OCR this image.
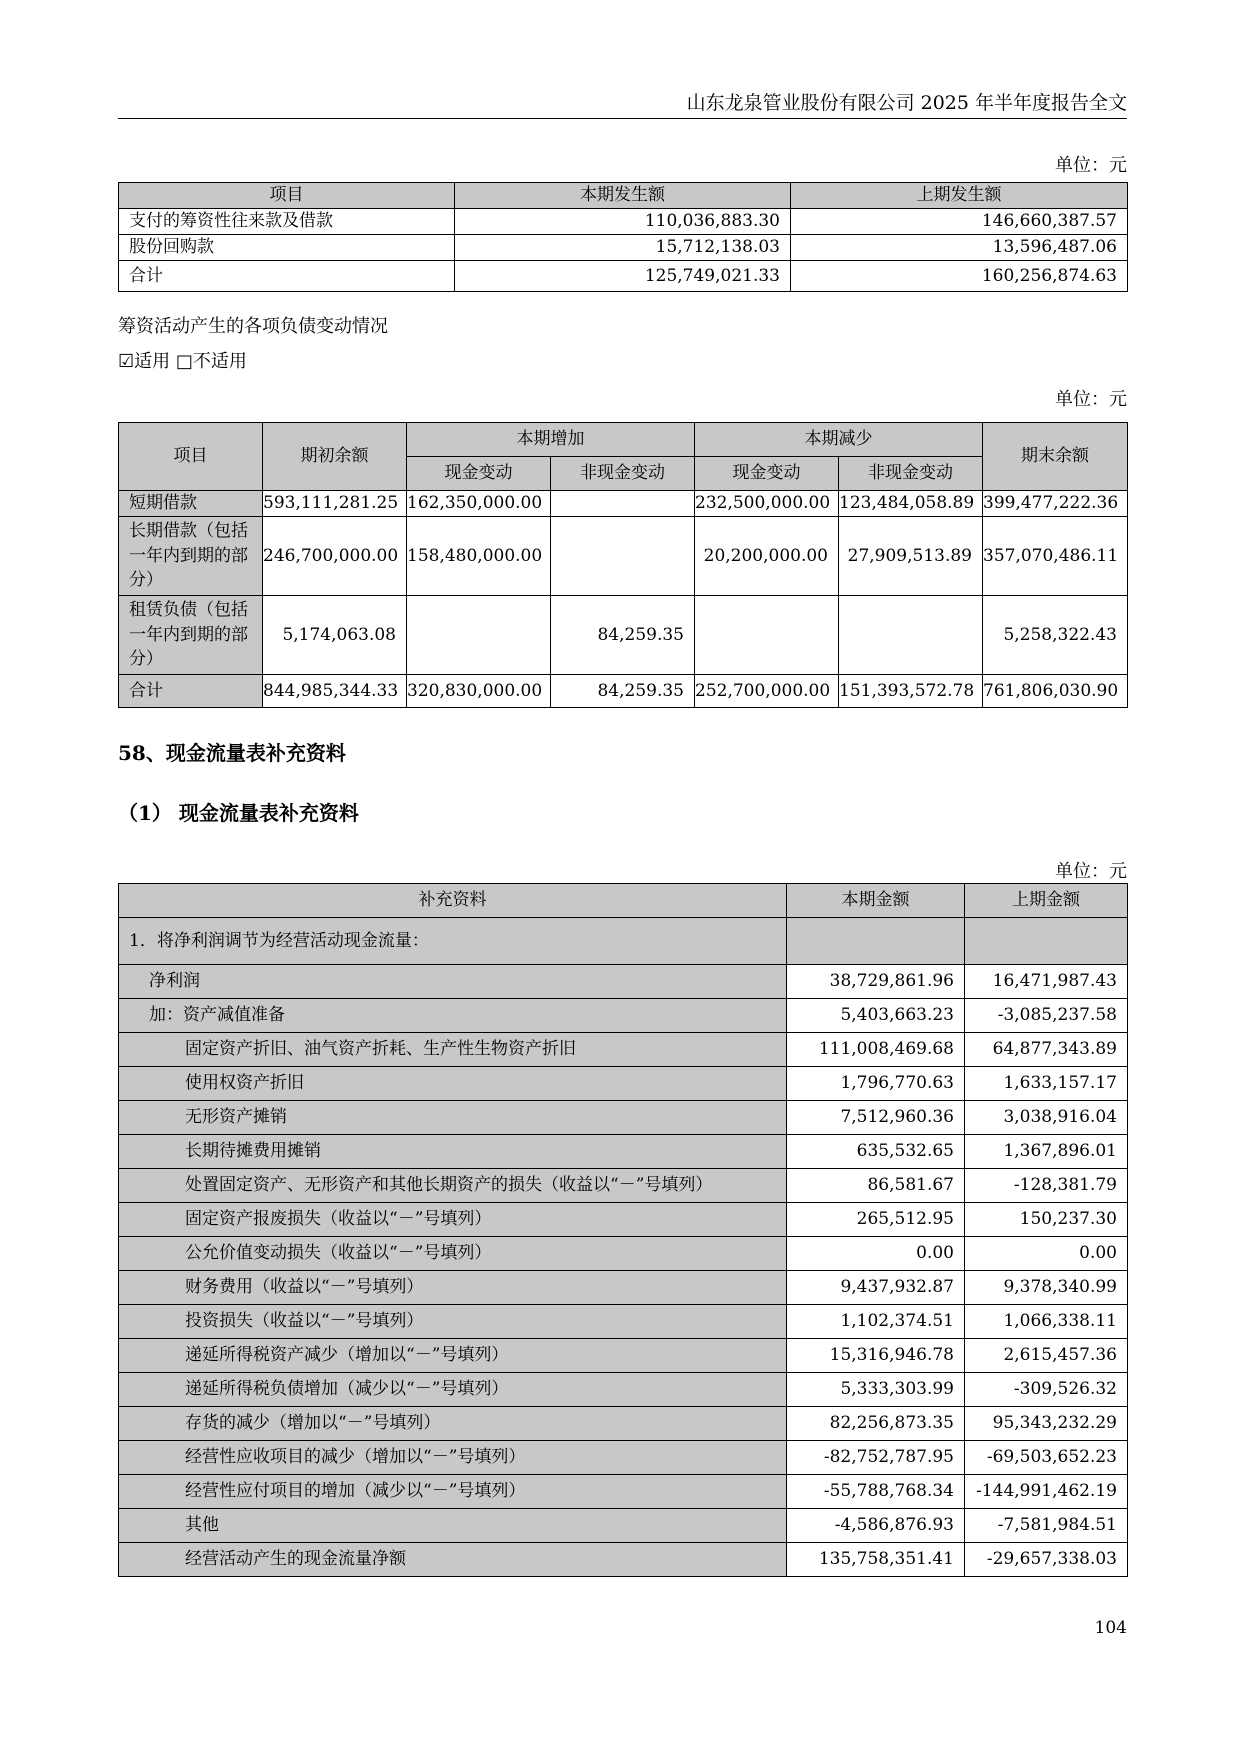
山东龙泉管业股份有限公司 2025 年半年度报告全文
单位：元
项目	本期发生额	上期发生额
支付的筹资性往来款及借款	110,036,883.30	146,660,387.57
股份回购款	15,712,138.03	13,596,487.06
合计	125,749,021.33	160,256,874.63
筹资活动产生的各项负债变动情况
☑适用 □不适用
单位：元
项目	期初余额	本期增加		本期减少		期末余额
		现金变动	非现金变动	现金变动	非现金变动	
短期借款	593,111,281.25	162,350,000.00		232,500,000.00	123,484,058.89	399,477,222.36
长期借款（包括一年内到期的部分）	246,700,000.00	158,480,000.00		20,200,000.00	27,909,513.89	357,070,486.11
租赁负债（包括一年内到期的部分）	5,174,063.08		84,259.35			5,258,322.43
合计	844,985,344.33	320,830,000.00	84,259.35	252,700,000.00	151,393,572.78	761,806,030.90
58、现金流量表补充资料
（1） 现金流量表补充资料
单位：元
补充资料	本期金额	上期金额
1．将净利润调节为经营活动现金流量：		
净利润	38,729,861.96	16,471,987.43
加：资产减值准备	5,403,663.23	-3,085,237.58
固定资产折旧、油气资产折耗、生产性生物资产折旧	111,008,469.68	64,877,343.89
使用权资产折旧	1,796,770.63	1,633,157.17
无形资产摊销	7,512,960.36	3,038,916.04
长期待摊费用摊销	635,532.65	1,367,896.01
处置固定资产、无形资产和其他长期资产的损失（收益以“－”号填列）	86,581.67	-128,381.79
固定资产报废损失（收益以“－”号填列）	265,512.95	150,237.30
公允价值变动损失（收益以“－”号填列）	0.00	0.00
财务费用（收益以“－”号填列）	9,437,932.87	9,378,340.99
投资损失（收益以“－”号填列）	1,102,374.51	1,066,338.11
递延所得税资产减少（增加以“－”号填列）	15,316,946.78	2,615,457.36
递延所得税负债增加（减少以“－”号填列）	5,333,303.99	-309,526.32
存货的减少（增加以“－”号填列）	82,256,873.35	95,343,232.29
经营性应收项目的减少（增加以“－”号填列）	-82,752,787.95	-69,503,652.23
经营性应付项目的增加（减少以“－”号填列）	-55,788,768.34	-144,991,462.19
其他	-4,586,876.93	-7,581,984.51
经营活动产生的现金流量净额	135,758,351.41	-29,657,338.03
104
